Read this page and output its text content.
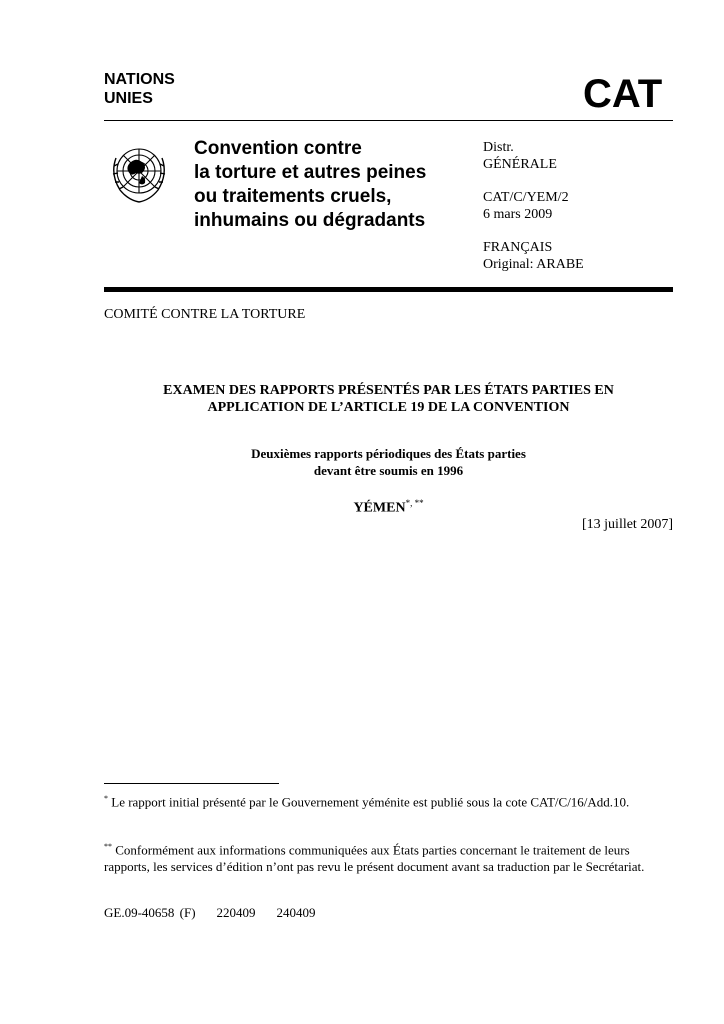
NATIONS
UNIES	CAT
Convention contre
la torture et autres peines
ou traitements cruels,
inhumains ou dégradants
Distr.
GÉNÉRALE
CAT/C/YEM/2
6 mars 2009
FRANÇAIS
Original: ARABE
COMITÉ CONTRE LA TORTURE
EXAMEN DES RAPPORTS PRÉSENTÉS PAR LES ÉTATS PARTIES EN
APPLICATION DE L’ARTICLE 19 DE LA CONVENTION
Deuxièmes rapports périodiques des États parties
devant être soumis en 1996
YÉMEN*, **
[13 juillet 2007]
* Le rapport initial présenté par le Gouvernement yéménite est publié sous la cote CAT/C/16/Add.10.
** Conformément aux informations communiquées aux États parties concernant le traitement de leurs rapports, les services d’édition n’ont pas revu le présent document avant sa traduction par le Secrétariat.
GE.09-40658 (F)    220409    240409
